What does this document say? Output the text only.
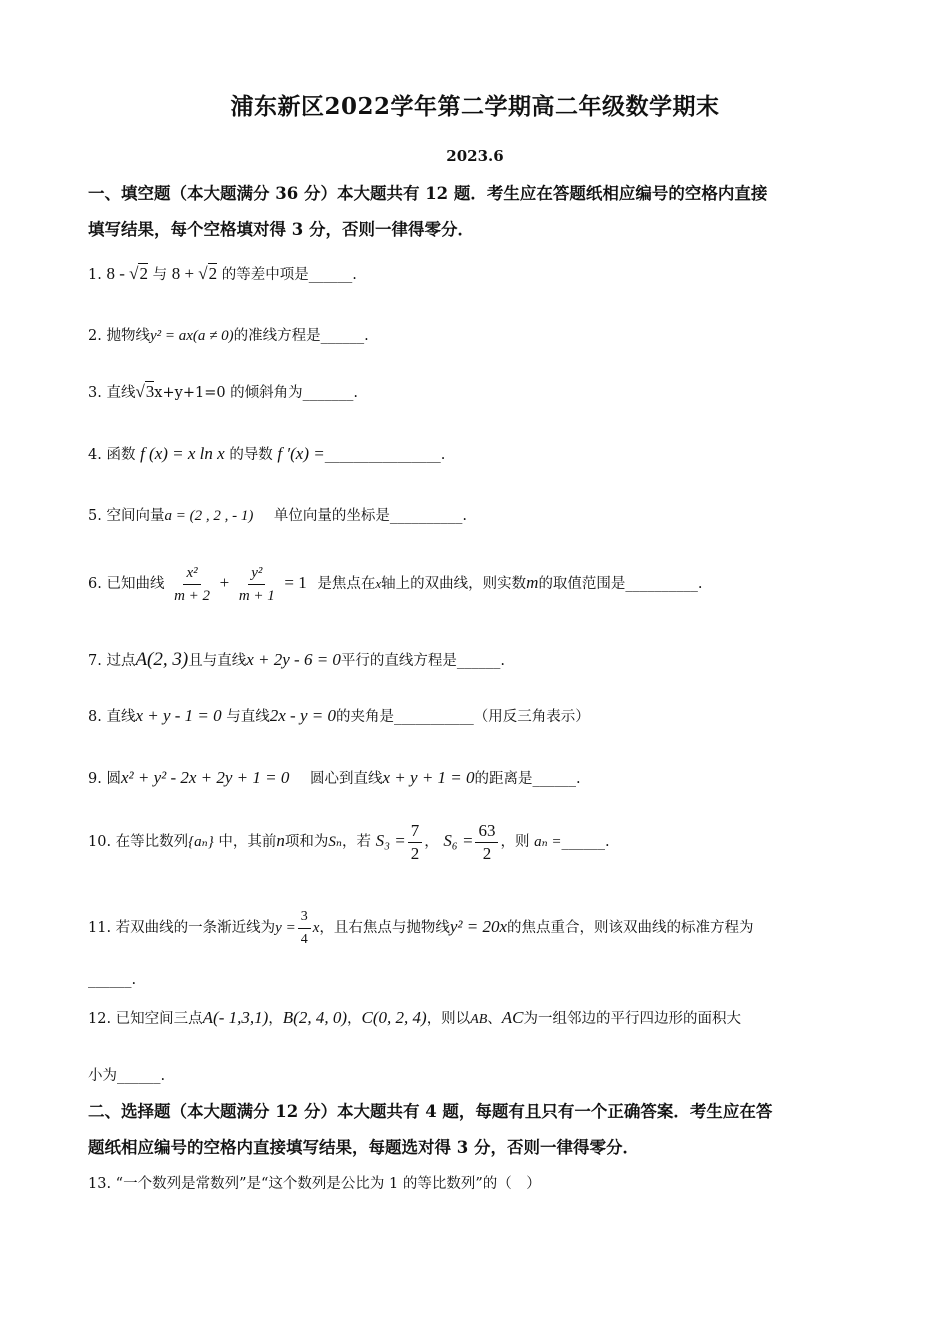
浦东新区2022学年第二学期高二年级数学期末
2023.6
一、填空题（本大题满分 36 分）本大题共有 12 题．考生应在答题纸相应编号的空格内直接
填写结果，每个空格填对得 3 分，否则一律得零分．
1. 8 - √2 与 8 + √2 的等差中项是______.
2. 抛物线y² = ax(a ≠ 0)的准线方程是______.
3. 直线√3x+y+1=0 的倾斜角为_______.
4. 函数 f (x) = x ln x 的导数 f ′(x) =________________.
5. 空间向量a = (2 , 2 , - 1) 单位向量的坐标是__________.
6. 已知曲线 $\frac{\text{x²}}{m + 2} + \frac{\text{y²}}{m + 1} = 1$ 是焦点在x轴上的双曲线，则实数m的取值范围是__________.
7. 过点A(2, 3)且与直线x + 2y - 6 = 0平行的直线方程是______.
8. 直线x + y - 1 = 0 与直线2x - y = 0的夹角是___________（用反三角表示）
9. 圆x² + y² - 2x + 2y + 1 = 0 圆心到直线x + y + 1 = 0的距离是______.
10. 在等比数列{aₙ} 中，其前n项和为Sₙ，若 $S_3 = \frac{7}{2}$ ， $S_6 = \frac{63}{2}$ ，则 aₙ =______.
11. 若双曲线的一条渐近线为$y = \frac{3}{4}$ x，且右焦点与抛物线y² = 20x的焦点重合，则该双曲线的标准方程为
______.
12. 已知空间三点A(- 1,3,1)，B(2, 4, 0)，C(0, 2, 4)，则以AB、AC为一组邻边的平行四边形的面积大
小为______.
二、选择题（本大题满分 12 分）本大题共有 4 题，每题有且只有一个正确答案．考生应在答
题纸相应编号的空格内直接填写结果，每题选对得 3 分，否则一律得零分．
13. “一个数列是常数列”是“这个数列是公比为 1 的等比数列”的（　）
